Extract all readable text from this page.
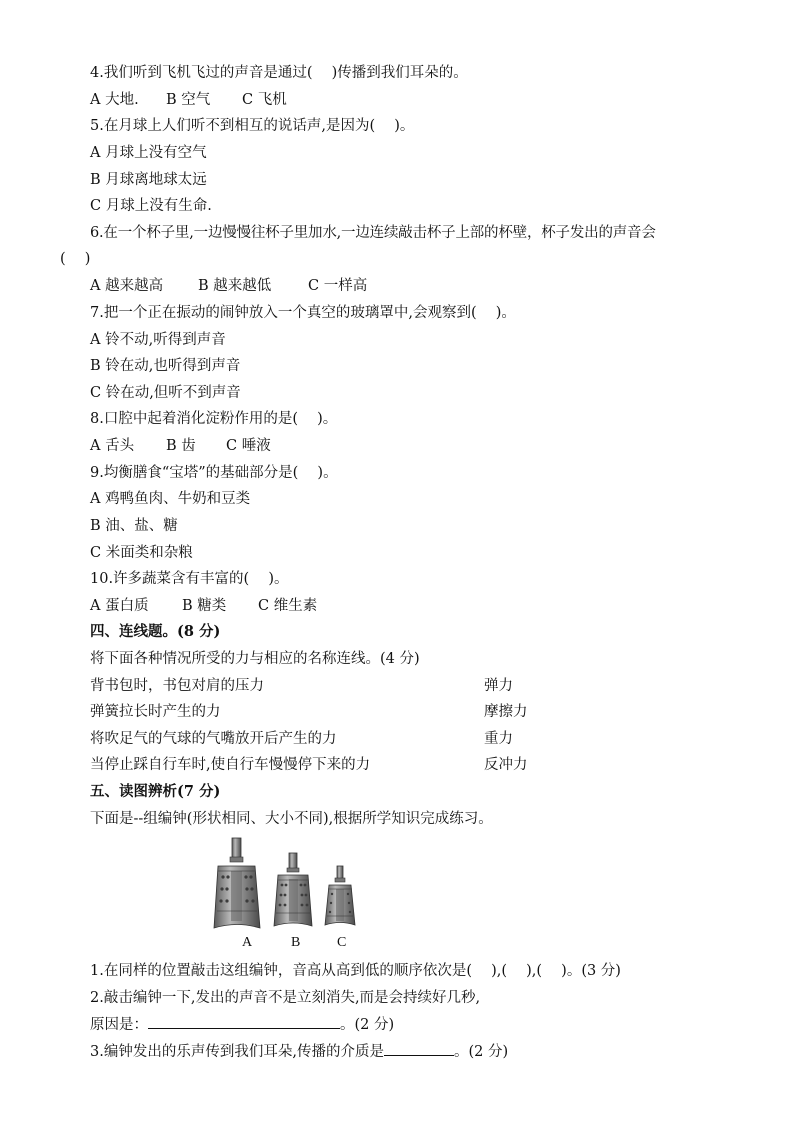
4.我们听到飞机飞过的声音是通过(　 )传播到我们耳朵的。
A 大地. B 空气 C 飞机
5.在月球上人们听不到相互的说话声,是因为(　 )。
A 月球上没有空气
B 月球离地球太远
C 月球上没有生命.
6.在一个杯子里,一边慢慢往杯子里加水,一边连续敲击杯子上部的杯壁，杯子发出的声音会
(　 )
A 越来越高 B 越来越低	C 一样高
7.把一个正在振动的闹钟放入一个真空的玻璃罩中,会观察到(　 )。
A 铃不动,听得到声音
B 铃在动,也听得到声音
C 铃在动,但听不到声音
8.口腔中起着消化淀粉作用的是(　 )。
A 舌头 B 齿 C 唾液
9.均衡膳食“宝塔”的基础部分是(　 )。
A 鸡鸭鱼肉、牛奶和豆类
B 油、盐、糖
C 米面类和杂粮
10.许多蔬菜含有丰富的(　 )。
A 蛋白质 B 糖类 C 维生素
四、连线题。(8 分)
将下面各种情况所受的力与相应的名称连线。(4 分)
背书包时，书包对肩的压力	弹力
弹簧拉长时产生的力	摩擦力
将吹足气的气球的气嘴放开后产生的力	重力
当停止踩自行车时,使自行车慢慢停下来的力	反冲力
五、读图辨析(7 分)
下面是--组编钟(形状相同、大小不同),根据所学知识完成练习。
A	B	C
1.在同样的位置敲击这组编钟，音高从高到低的顺序依次是(　 ),(　 ),(　 )。(3 分)
2.敲击编钟一下,发出的声音不是立刻消失,而是会持续好几秒,
原因是：	。(2 分)
3.编钟发出的乐声传到我们耳朵,传播的介质是	。(2 分)
